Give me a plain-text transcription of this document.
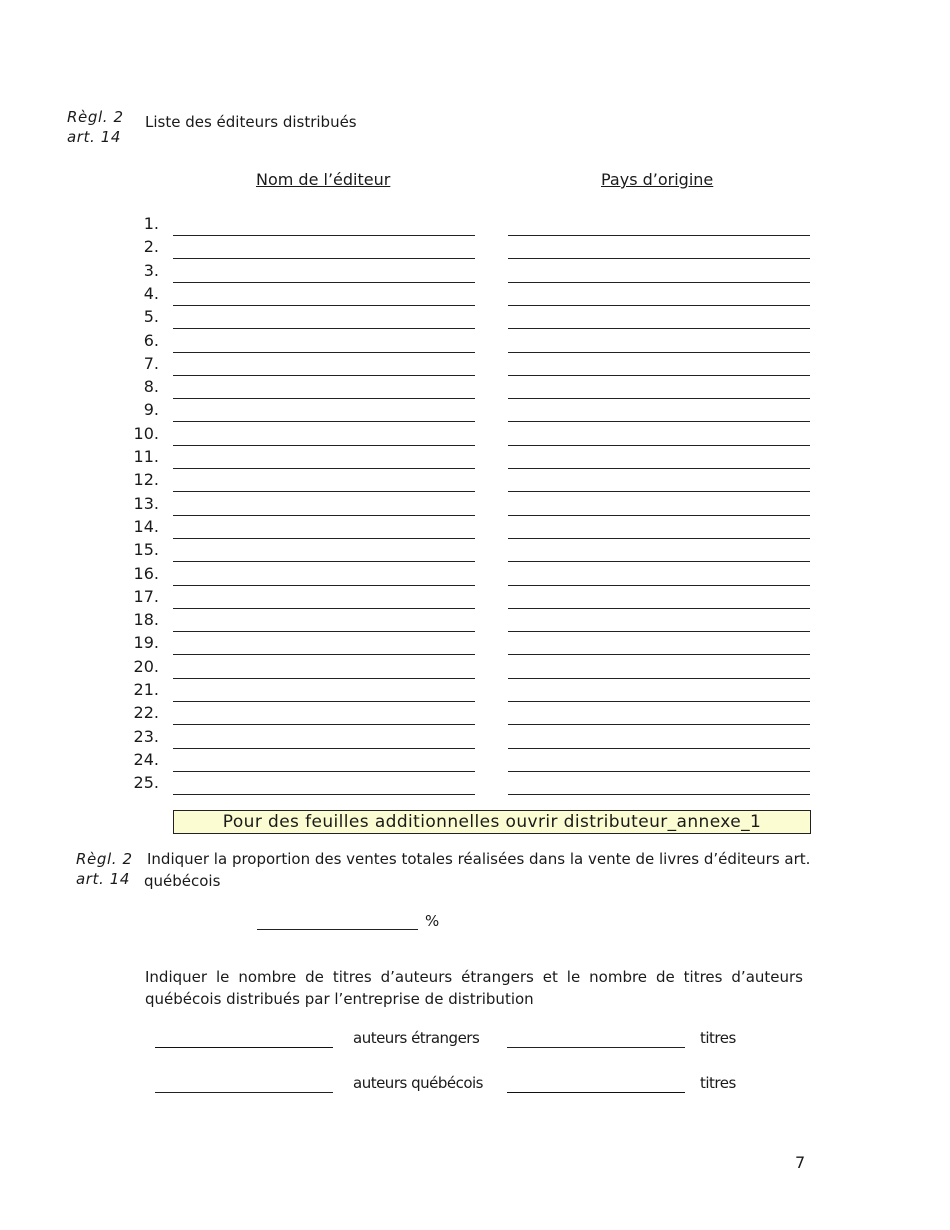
Règl. 2
art. 14
Liste des éditeurs distribués
Nom de l’éditeur	Pays d’origine
1.
2.
3.
4.
5.
6.
7.
8.
9.
10.
11.
12.
13.
14.
15.
16.
17.
18.
19.
20.
21.
22.
23.
24.
25.
Pour des feuilles additionnelles ouvrir distributeur_annexe_1
Règl. 2
art. 14
Indiquer la proportion des ventes totales réalisées dans la vente de livres d’éditeurs art.
québécois
%
Indiquer le nombre de titres d’auteurs étrangers et le nombre de titres d’auteurs
québécois distribués par l’entreprise de distribution
auteurs étrangers	titres
auteurs québécois	titres
7
